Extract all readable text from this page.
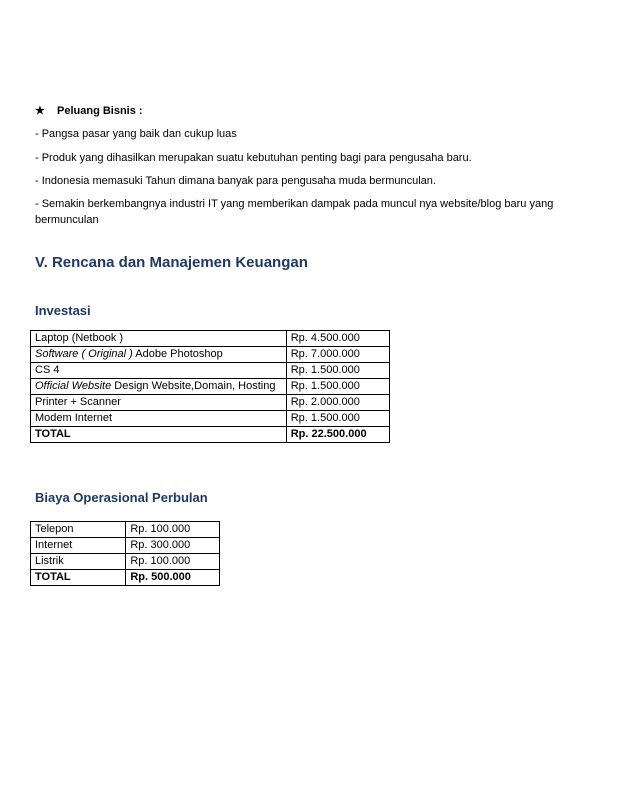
★	Peluang Bisnis :
- Pangsa pasar yang baik dan cukup luas
- Produk yang dihasilkan merupakan suatu kebutuhan penting bagi para pengusaha baru.
- Indonesia memasuki Tahun dimana banyak para pengusaha muda bermunculan.
- Semakin berkembangnya industri IT yang memberikan dampak pada muncul nya website/blog baru yang bermunculan
V. Rencana dan Manajemen Keuangan
Investasi
Laptop (Netbook )	Rp. 4.500.000
Software ( Original ) Adobe Photoshop	Rp. 7.000.000
CS 4	Rp. 1.500.000
Official Website Design Website,Domain, Hosting	Rp. 1.500.000
Printer + Scanner	Rp. 2.000.000
Modem Internet	Rp. 1.500.000
TOTAL	Rp. 22.500.000
Biaya Operasional Perbulan
Telepon	Rp. 100.000
Internet	Rp. 300.000
Listrik	Rp. 100.000
TOTAL	Rp. 500.000
